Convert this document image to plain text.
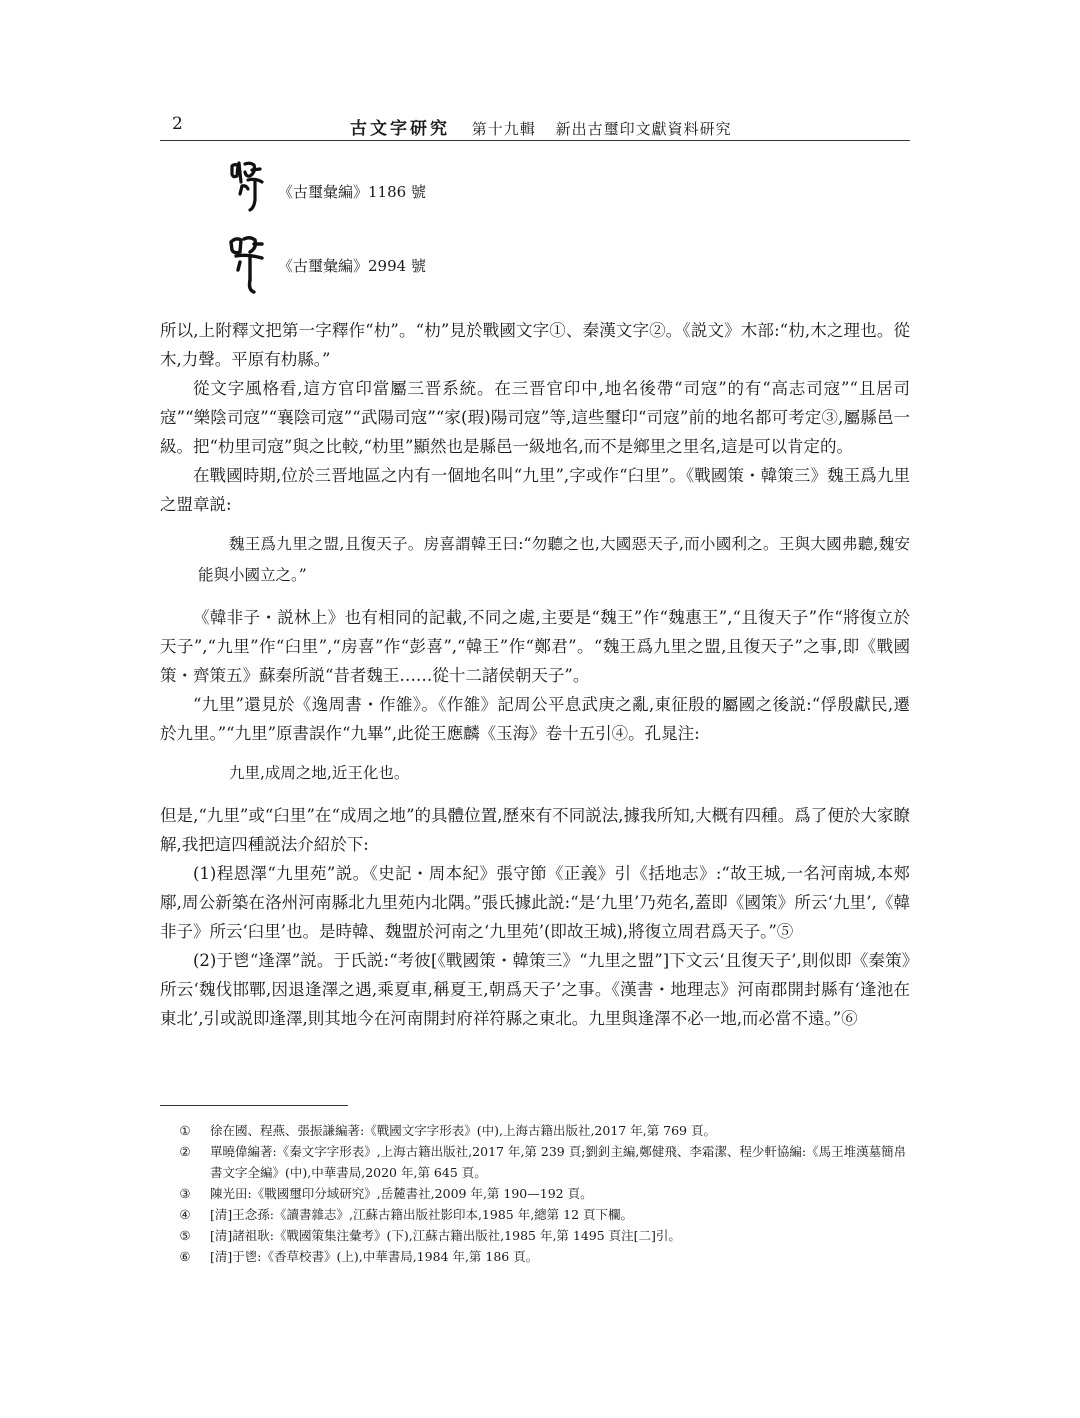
2	古文字研究 第十九輯 新出古璽印文獻資料研究
《古璽彙編》1186 號
《古璽彙編》2994 號

所以,上附釋文把第一字釋作“朸”。“朸”見於戰國文字①、秦漢文字②。《説文》木部:“朸,木之理也。從木,力聲。平原有朸縣。”

從文字風格看,這方官印當屬三晋系統。在三晋官印中,地名後帶“司寇”的有“高志司寇”“且居司寇”“樂陰司寇”“襄陰司寇”“武陽司寇”“家(瑕)陽司寇”等,這些璽印“司寇”前的地名都可考定③,屬縣邑一級。把“朸里司寇”與之比較,“朸里”顯然也是縣邑一級地名,而不是鄉里之里名,這是可以肯定的。

在戰國時期,位於三晋地區之内有一個地名叫“九里”,字或作“臼里”。《戰國策・韓策三》魏王爲九里之盟章説:

魏王爲九里之盟,且復天子。房喜謂韓王曰:“勿聽之也,大國惡天子,而小國利之。王與大國弗聽,魏安能與小國立之。”

《韓非子・説林上》也有相同的記載,不同之處,主要是“魏王”作“魏惠王”,“且復天子”作“將復立於天子”,“九里”作“臼里”,“房喜”作“彭喜”,“韓王”作“鄭君”。“魏王爲九里之盟,且復天子”之事,即《戰國策・齊策五》蘇秦所説“昔者魏王……從十二諸侯朝天子”。

“九里”還見於《逸周書・作雒》。《作雒》記周公平息武庚之亂,東征殷的屬國之後説:“俘殷獻民,遷於九里。”“九里”原書誤作“九畢”,此從王應麟《玉海》卷十五引④。孔晁注:

九里,成周之地,近王化也。

但是,“九里”或“臼里”在“成周之地”的具體位置,歷來有不同説法,據我所知,大概有四種。爲了便於大家瞭解,我把這四種説法介紹於下:

(1)程恩澤“九里苑”説。《史記・周本紀》張守節《正義》引《括地志》:“故王城,一名河南城,本郟鄏,周公新築在洛州河南縣北九里苑内北隅。”張氏據此説:“是‘九里’乃苑名,蓋即《國策》所云‘九里’,《韓非子》所云‘臼里’也。是時韓、魏盟於河南之‘九里苑’(即故王城),將復立周君爲天子。”⑤

(2)于鬯“逢澤”説。于氏説:“考彼[《戰國策・韓策三》“九里之盟”]下文云‘且復天子’,則似即《秦策》所云‘魏伐邯鄲,因退逢澤之遇,乘夏車,稱夏王,朝爲天子’之事。《漢書・地理志》河南郡開封縣有‘逢池在東北’,引或説即逢澤,則其地今在河南開封府祥符縣之東北。九里與逢澤不必一地,而必當不遠。”⑥

①	徐在國、程燕、張振謙編著:《戰國文字字形表》(中),上海古籍出版社,2017 年,第 769 頁。
②	單曉偉編著:《秦文字字形表》,上海古籍出版社,2017 年,第 239 頁;劉釗主編,鄭健飛、李霜潔、程少軒協編:《馬王堆漢墓簡帛書文字全編》(中),中華書局,2020 年,第 645 頁。
③	陳光田:《戰國璽印分域研究》,岳麓書社,2009 年,第 190—192 頁。
④	[清]王念孫:《讀書雜志》,江蘇古籍出版社影印本,1985 年,總第 12 頁下欄。
⑤	[清]諸祖耿:《戰國策集注彙考》(下),江蘇古籍出版社,1985 年,第 1495 頁注[二]引。
⑥	[清]于鬯:《香草校書》(上),中華書局,1984 年,第 186 頁。
